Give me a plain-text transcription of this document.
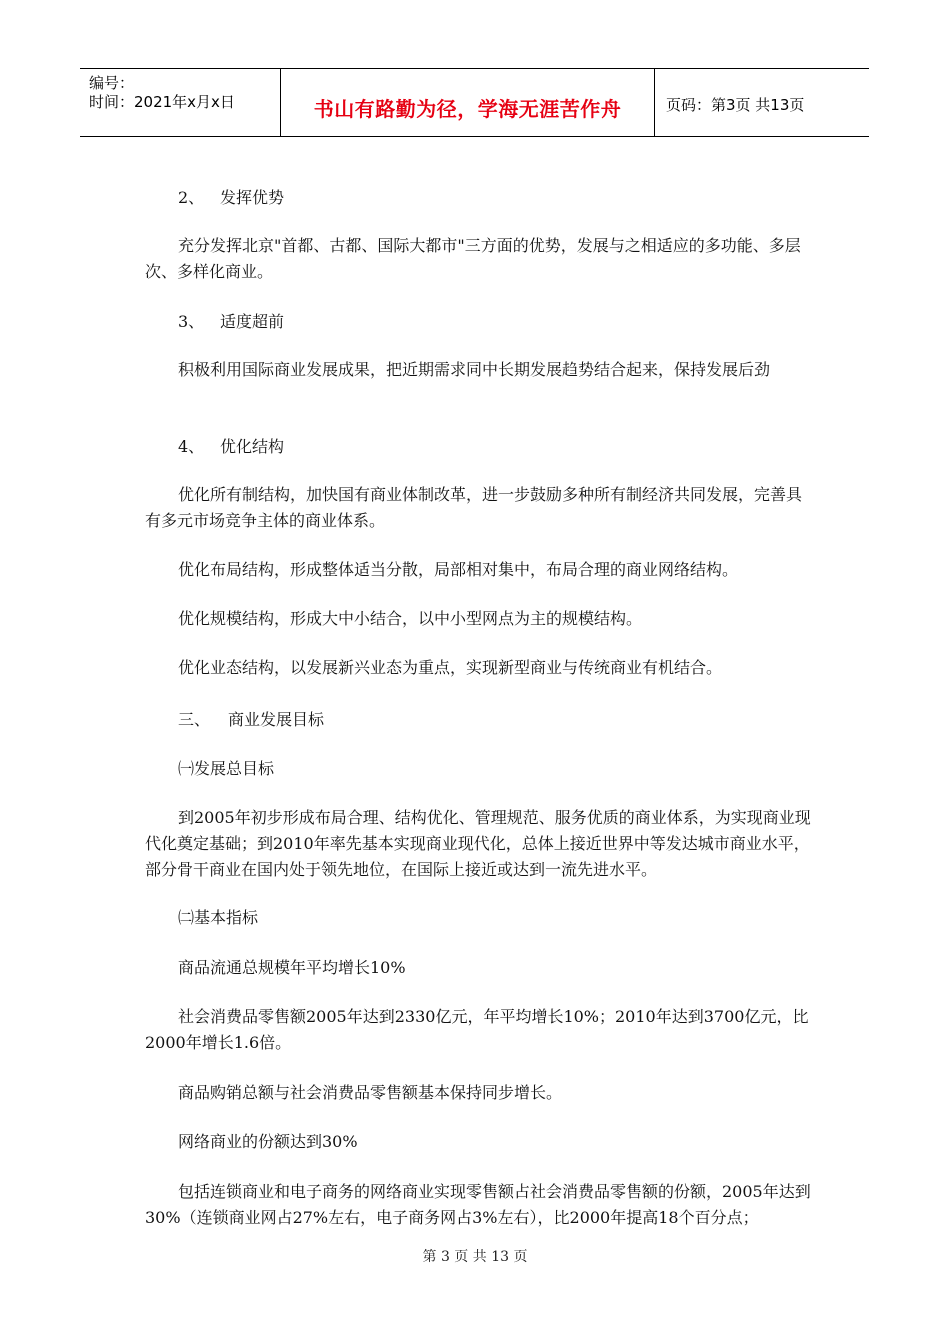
编号：
时间：2021年x月x日	书山有路勤为径，学海无涯苦作舟	页码：第3页 共13页
2、 发挥优势
充分发挥北京"首都、古都、国际大都市"三方面的优势，发展与之相适应的多功能、多层次、多样化商业。
3、 适度超前
积极利用国际商业发展成果，把近期需求同中长期发展趋势结合起来，保持发展后劲
4、 优化结构
优化所有制结构，加快国有商业体制改革，进一步鼓励多种所有制经济共同发展，完善具有多元市场竞争主体的商业体系。
优化布局结构，形成整体适当分散，局部相对集中，布局合理的商业网络结构。
优化规模结构，形成大中小结合，以中小型网点为主的规模结构。
优化业态结构，以发展新兴业态为重点，实现新型商业与传统商业有机结合。
三、 商业发展目标
㈠发展总目标
到2005年初步形成布局合理、结构优化、管理规范、服务优质的商业体系，为实现商业现代化奠定基础；到2010年率先基本实现商业现代化，总体上接近世界中等发达城市商业水平，部分骨干商业在国内处于领先地位，在国际上接近或达到一流先进水平。
㈡基本指标
商品流通总规模年平均增长10%
社会消费品零售额2005年达到2330亿元，年平均增长10%；2010年达到3700亿元，比2000年增长1.6倍。
商品购销总额与社会消费品零售额基本保持同步增长。
网络商业的份额达到30%
包括连锁商业和电子商务的网络商业实现零售额占社会消费品零售额的份额，2005年达到30%（连锁商业网占27%左右，电子商务网占3%左右），比2000年提高18个百分点；
第 3 页 共 13 页
